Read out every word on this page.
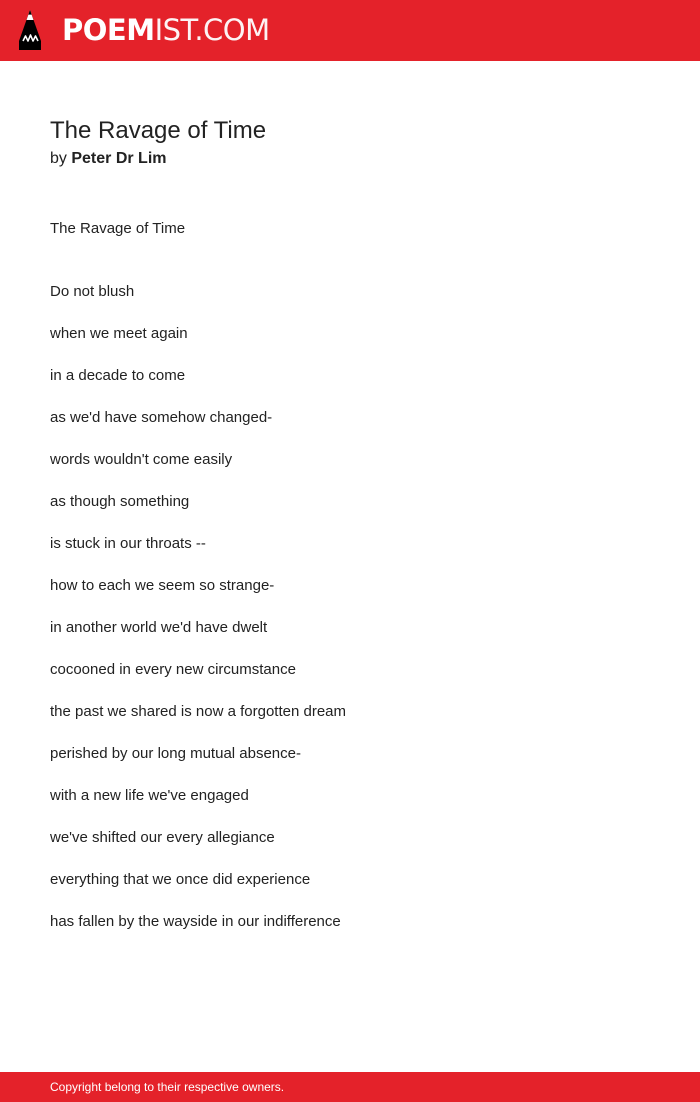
POEMIST.COM
The Ravage of Time
by Peter Dr Lim
The Ravage of Time
Do not blush
when we meet again
in a decade to come
as we'd have somehow changed-
words wouldn't come easily
as though something
is stuck in our throats --
how to each we seem so strange-
in another world we'd have dwelt
cocooned in every new circumstance
the past we shared is now a forgotten dream
perished by our long mutual absence-
with a new life we've engaged
we've shifted our every allegiance
everything that we once did experience
has fallen by the wayside in our indifference
Copyright belong to their respective owners.
